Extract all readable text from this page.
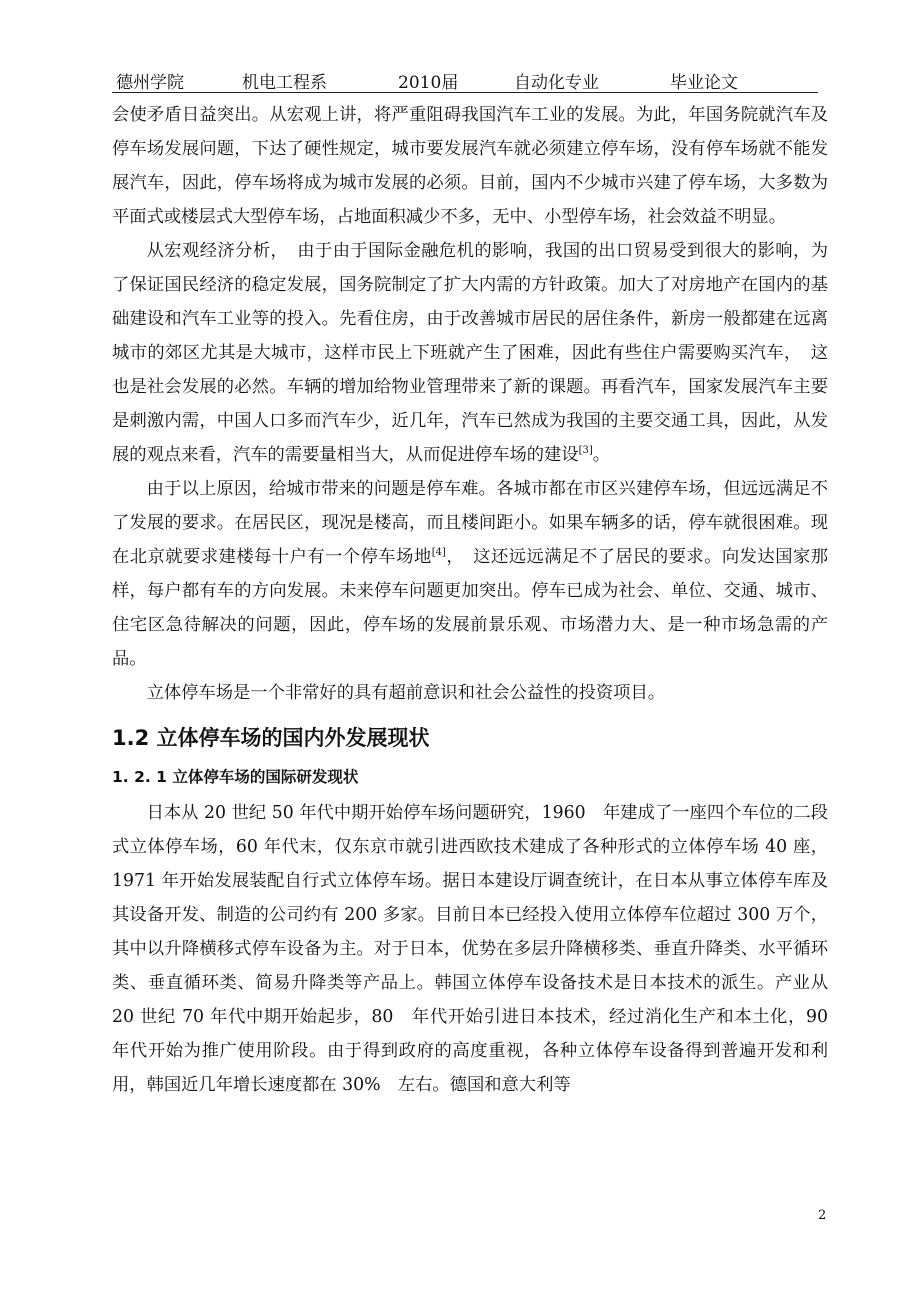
德州学院	机电工程系	2010届	自动化专业	毕业论文

会使矛盾日益突出。从宏观上讲，将严重阻碍我国汽车工业的发展。为此，年国务院就汽车及停车场发展问题，下达了硬性规定，城市要发展汽车就必须建立停车场，没有停车场就不能发展汽车，因此，停车场将成为城市发展的必须。目前，国内不少城市兴建了停车场，大多数为平面式或楼层式大型停车场，占地面积减少不多，无中、小型停车场，社会效益不明显。

从宏观经济分析，　由于由于国际金融危机的影响，我国的出口贸易受到很大的影响，为了保证国民经济的稳定发展，国务院制定了扩大内需的方针政策。加大了对房地产在国内的基础建设和汽车工业等的投入。先看住房，由于改善城市居民的居住条件，新房一般都建在远离城市的郊区尤其是大城市，这样市民上下班就产生了困难，因此有些住户需要购买汽车，　这也是社会发展的必然。车辆的增加给物业管理带来了新的课题。再看汽车，国家发展汽车主要是刺激内需，中国人口多而汽车少，近几年，汽车已然成为我国的主要交通工具，因此，从发展的观点来看，汽车的需要量相当大，从而促进停车场的建设[3]。

由于以上原因，给城市带来的问题是停车难。各城市都在市区兴建停车场，但远远满足不了发展的要求。在居民区，现况是楼高，而且楼间距小。如果车辆多的话，停车就很困难。现在北京就要求建楼每十户有一个停车场地[4]，　这还远远满足不了居民的要求。向发达国家那样，每户都有车的方向发展。未来停车问题更加突出。停车已成为社会、单位、交通、城市、住宅区急待解决的问题，因此，停车场的发展前景乐观、市场潜力大、是一种市场急需的产品。

立体停车场是一个非常好的具有超前意识和社会公益性的投资项目。

1.2 立体停车场的国内外发展现状
1. 2. 1 立体停车场的国际研发现状

日本从 20 世纪 50 年代中期开始停车场问题研究，1960　年建成了一座四个车位的二段式立体停车场，60 年代末，仅东京市就引进西欧技术建成了各种形式的立体停车场 40 座，1971 年开始发展装配自行式立体停车场。据日本建设厅调查统计，在日本从事立体停车库及其设备开发、制造的公司约有 200 多家。目前日本已经投入使用立体停车位超过 300 万个，其中以升降横移式停车设备为主。对于日本，优势在多层升降横移类、垂直升降类、水平循环类、垂直循环类、简易升降类等产品上。韩国立体停车设备技术是日本技术的派生。产业从 20 世纪 70 年代中期开始起步，80　年代开始引进日本技术，经过消化生产和本土化，90　年代开始为推广使用阶段。由于得到政府的高度重视，各种立体停车设备得到普遍开发和利用，韩国近几年增长速度都在 30%　左右。德国和意大利等

2
